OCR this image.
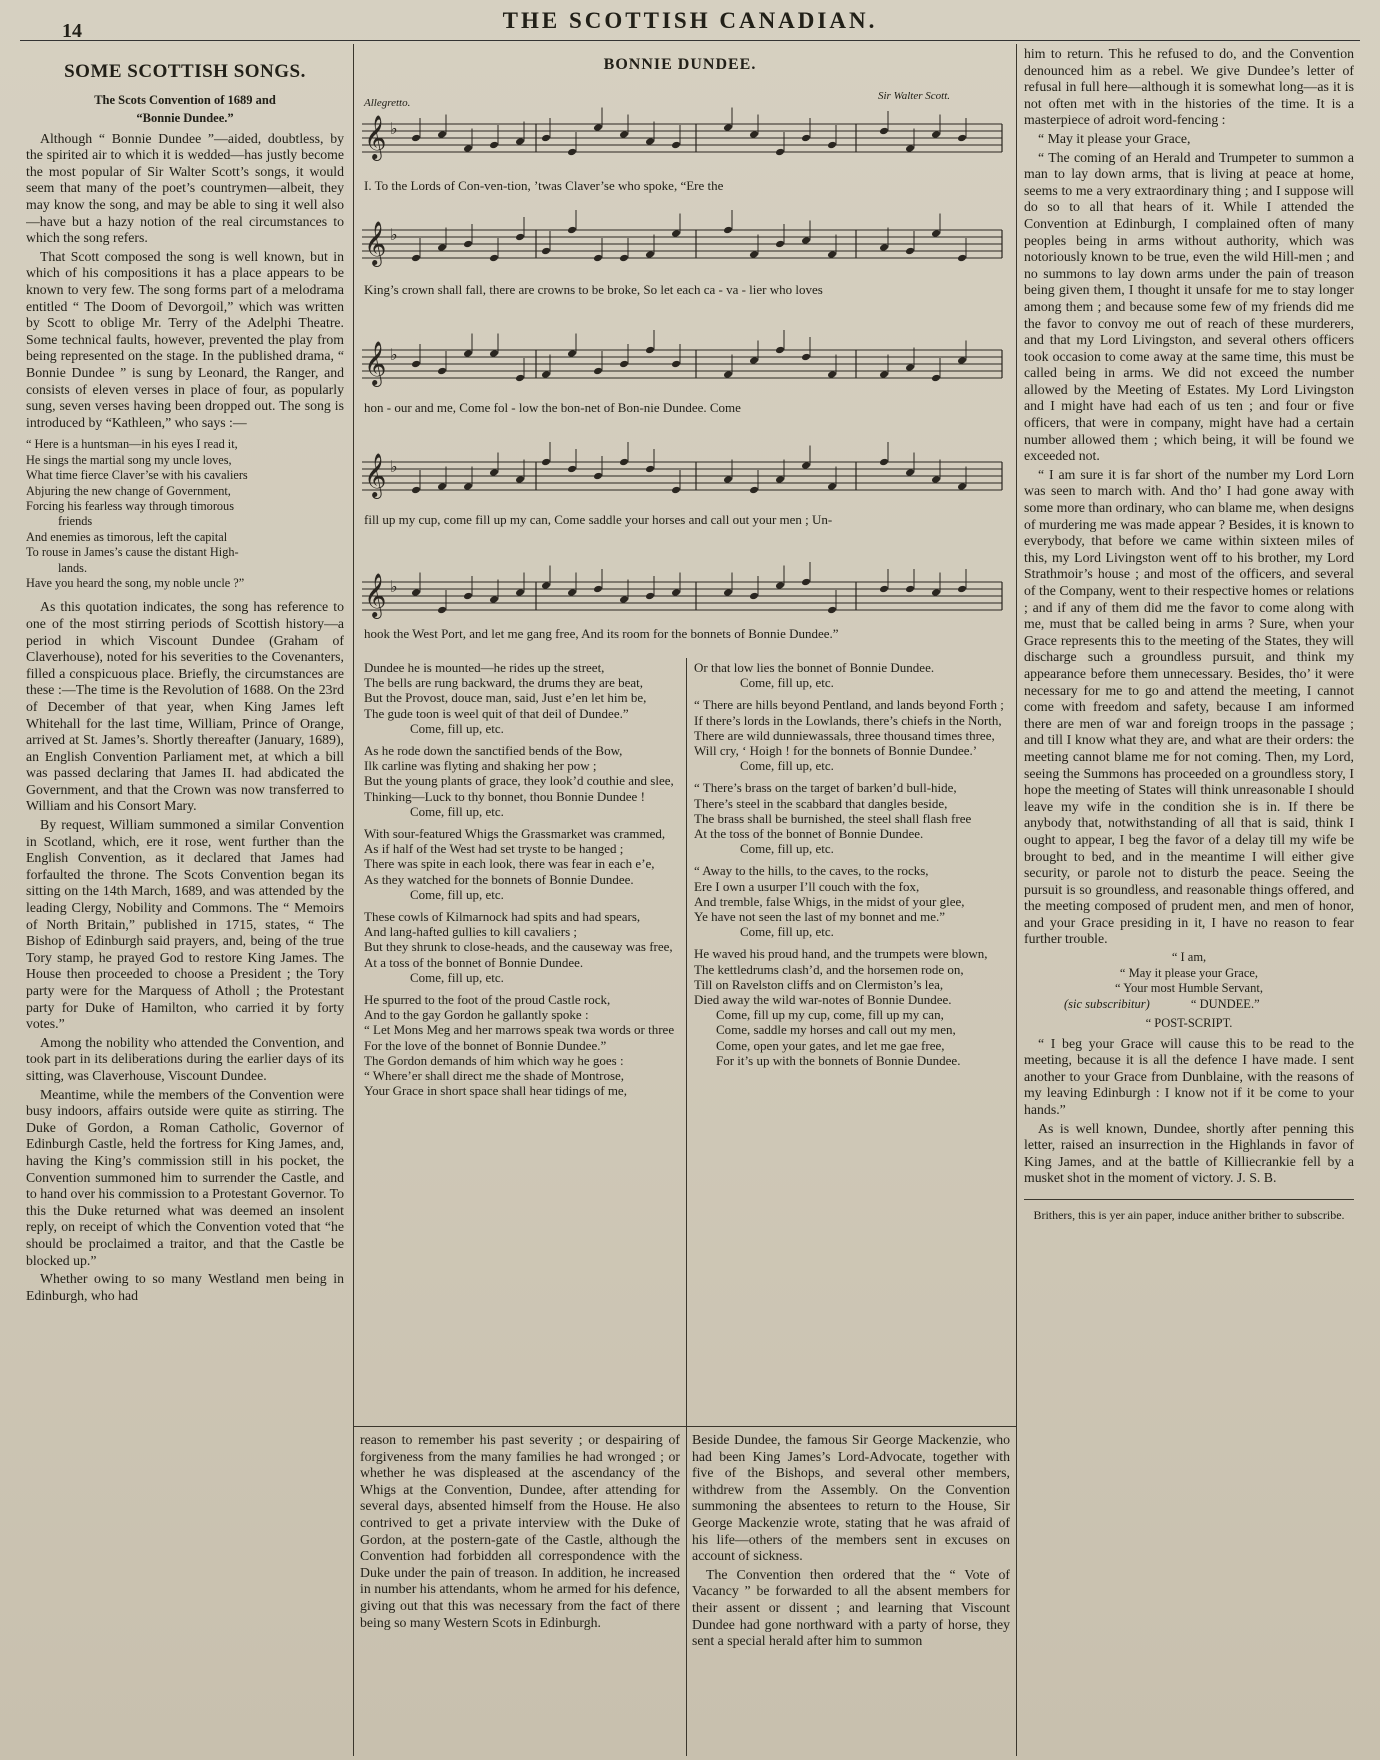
14	THE SCOTTISH CANADIAN.
SOME SCOTTISH SONGS.
The Scots Convention of 1689 and
“Bonnie Dundee.”

Although “ Bonnie Dundee ”—aided, doubtless, by the spirited air to which it is wedded—has justly become the most popular of Sir Walter Scott’s songs, it would seem that many of the poet’s countrymen—albeit, they may know the song, and may be able to sing it well also—have but a hazy notion of the real circumstances to which the song refers.

That Scott composed the song is well known, but in which of his compositions it has a place appears to be known to very few. The song forms part of a melodrama entitled “ The Doom of Devorgoil,” which was written by Scott to oblige Mr. Terry of the Adelphi Theatre. Some technical faults, however, prevented the play from being represented on the stage. In the published drama, “ Bonnie Dundee ” is sung by Leonard, the Ranger, and consists of eleven verses in place of four, as popularly sung, seven verses having been dropped out. The song is introduced by “Kathleen,” who says :—

“ Here is a huntsman—in his eyes I read it,
He sings the martial song my uncle loves,
What time fierce Claver’se with his cavaliers
Abjuring the new change of Government,
Forcing his fearless way through timorous
friends
And enemies as timorous, left the capital
To rouse in James’s cause the distant High-
lands.
Have you heard the song, my noble uncle ?”

As this quotation indicates, the song has reference to one of the most stirring periods of Scottish history—a period in which Viscount Dundee (Graham of Claverhouse), noted for his severities to the Covenanters, filled a conspicuous place. Briefly, the circumstances are these :—The time is the Revolution of 1688. On the 23rd of December of that year, when King James left Whitehall for the last time, William, Prince of Orange, arrived at St. James’s. Shortly thereafter (January, 1689), an English Convention Parliament met, at which a bill was passed declaring that James II. had abdicated the Government, and that the Crown was now transferred to William and his Consort Mary.

By request, William summoned a similar Convention in Scotland, which, ere it rose, went further than the English Convention, as it declared that James had forfaulted the throne. The Scots Convention began its sitting on the 14th March, 1689, and was attended by the leading Clergy, Nobility and Commons. The “ Memoirs of North Britain,” published in 1715, states, “ The Bishop of Edinburgh said prayers, and, being of the true Tory stamp, he prayed God to restore King James. The House then proceeded to choose a President ; the Tory party were for the Marquess of Atholl ; the Protestant party for Duke of Hamilton, who carried it by forty votes.”

Among the nobility who attended the Convention, and took part in its deliberations during the earlier days of its sitting, was Claverhouse, Viscount Dundee.

Meantime, while the members of the Convention were busy indoors, affairs outside were quite as stirring. The Duke of Gordon, a Roman Catholic, Governor of Edinburgh Castle, held the fortress for King James, and, having the King’s commission still in his pocket, the Convention summoned him to surrender the Castle, and to hand over his commission to a Protestant Governor. To this the Duke returned what was deemed an insolent reply, on receipt of which the Convention voted that “he should be proclaimed a traitor, and that the Castle be blocked up.”

Whether owing to so many Westland men being in Edinburgh, who had

BONNIE DUNDEE.
Allegretto.
Sir Walter Scott.
𝄞 ♭
I. To the Lords of Con-ven-tion, ’twas Claver’se who spoke, “Ere the
𝄞 ♭
King’s crown shall fall, there are crowns to be broke, So let each ca - va - lier who loves
𝄞 ♭
hon - our and me, Come fol - low the bon-net of Bon-nie Dundee. Come
𝄞 ♭
fill up my cup, come fill up my can, Come saddle your horses and call out your men ; Un-
𝄞 ♭
hook the West Port, and let me gang free, And its room for the bonnets of Bonnie Dundee.”
Dundee he is mounted—he rides up the street,
The bells are rung backward, the drums they are beat,
But the Provost, douce man, said, Just e’en let him be,
The gude toon is weel quit of that deil of Dundee.”
Come, fill up, etc.
As he rode down the sanctified bends of the Bow,
Ilk carline was flyting and shaking her pow ;
But the young plants of grace, they look’d couthie and slee,
Thinking—Luck to thy bonnet, thou Bonnie Dundee !
Come, fill up, etc.
With sour-featured Whigs the Grassmarket was crammed,
As if half of the West had set tryste to be hanged ;
There was spite in each look, there was fear in each e’e,
As they watched for the bonnets of Bonnie Dundee.
Come, fill up, etc.
These cowls of Kilmarnock had spits and had spears,
And lang-hafted gullies to kill cavaliers ;
But they shrunk to close-heads, and the causeway was free,
At a toss of the bonnet of Bonnie Dundee.
Come, fill up, etc.
He spurred to the foot of the proud Castle rock,
And to the gay Gordon he gallantly spoke :
“ Let Mons Meg and her marrows speak twa words or three
For the love of the bonnet of Bonnie Dundee.”
The Gordon demands of him which way he goes :
“ Where’er shall direct me the shade of Montrose,
Your Grace in short space shall hear tidings of me,
Or that low lies the bonnet of Bonnie Dundee.
Come, fill up, etc.
“ There are hills beyond Pentland, and lands beyond Forth ;
If there’s lords in the Lowlands, there’s chiefs in the North,
There are wild dunniewassals, three thousand times three,
Will cry, ‘ Hoigh ! for the bonnets of Bonnie Dundee.’
Come, fill up, etc.
“ There’s brass on the target of barken’d bull-hide,
There’s steel in the scabbard that dangles beside,
The brass shall be burnished, the steel shall flash free
At the toss of the bonnet of Bonnie Dundee.
Come, fill up, etc.
“ Away to the hills, to the caves, to the rocks,
Ere I own a usurper I’ll couch with the fox,
And tremble, false Whigs, in the midst of your glee,
Ye have not seen the last of my bonnet and me.”
Come, fill up, etc.
He waved his proud hand, and the trumpets were blown,
The kettledrums clash’d, and the horsemen rode on,
Till on Ravelston cliffs and on Clermiston’s lea,
Died away the wild war-notes of Bonnie Dundee.
Come, fill up my cup, come, fill up my can,
Come, saddle my horses and call out my men,
Come, open your gates, and let me gae free,
For it’s up with the bonnets of Bonnie Dundee.

reason to remember his past severity ; or despairing of forgiveness from the many families he had wronged ; or whether he was displeased at the ascendancy of the Whigs at the Convention, Dundee, after attending for several days, absented himself from the House. He also contrived to get a private interview with the Duke of Gordon, at the postern-gate of the Castle, although the Convention had forbidden all correspondence with the Duke under the pain of treason. In addition, he increased in number his attendants, whom he armed for his defence, giving out that this was necessary from the fact of there being so many Western Scots in Edinburgh.

Beside Dundee, the famous Sir George Mackenzie, who had been King James’s Lord-Advocate, together with five of the Bishops, and several other members, withdrew from the Assembly. On the Convention summoning the absentees to return to the House, Sir George Mackenzie wrote, stating that he was afraid of his life—others of the members sent in excuses on account of sickness.

The Convention then ordered that the “ Vote of Vacancy ” be forwarded to all the absent members for their assent or dissent ; and learning that Viscount Dundee had gone northward with a party of horse, they sent a special herald after him to summon

him to return. This he refused to do, and the Convention denounced him as a rebel. We give Dundee’s letter of refusal in full here—although it is somewhat long—as it is not often met with in the histories of the time. It is a masterpiece of adroit word-fencing :

“ May it please your Grace,

“ The coming of an Herald and Trumpeter to summon a man to lay down arms, that is living at peace at home, seems to me a very extraordinary thing ; and I suppose will do so to all that hears of it. While I attended the Convention at Edinburgh, I complained often of many peoples being in arms without authority, which was notoriously known to be true, even the wild Hill-men ; and no summons to lay down arms under the pain of treason being given them, I thought it unsafe for me to stay longer among them ; and because some few of my friends did me the favor to convoy me out of reach of these murderers, and that my Lord Livingston, and several others officers took occasion to come away at the same time, this must be called being in arms. We did not exceed the number allowed by the Meeting of Estates. My Lord Livingston and I might have had each of us ten ; and four or five officers, that were in company, might have had a certain number allowed them ; which being, it will be found we exceeded not.

“ I am sure it is far short of the number my Lord Lorn was seen to march with. And tho’ I had gone away with some more than ordinary, who can blame me, when designs of murdering me was made appear ? Besides, it is known to everybody, that before we came within sixteen miles of this, my Lord Livingston went off to his brother, my Lord Strathmoir’s house ; and most of the officers, and several of the Company, went to their respective homes or relations ; and if any of them did me the favor to come along with me, must that be called being in arms ? Sure, when your Grace represents this to the meeting of the States, they will discharge such a groundless pursuit, and think my appearance before them unnecessary. Besides, tho’ it were necessary for me to go and attend the meeting, I cannot come with freedom and safety, because I am informed there are men of war and foreign troops in the passage ; and till I know what they are, and what are their orders: the meeting cannot blame me for not coming. Then, my Lord, seeing the Summons has proceeded on a groundless story, I hope the meeting of States will think unreasonable I should leave my wife in the condition she is in. If there be anybody that, notwithstanding of all that is said, think I ought to appear, I beg the favor of a delay till my wife be brought to bed, and in the meantime I will either give security, or parole not to disturb the peace. Seeing the pursuit is so groundless, and reasonable things offered, and the meeting composed of prudent men, and men of honor, and your Grace presiding in it, I have no reason to fear further trouble.

“ I am,
“ May it please your Grace,
“ Your most Humble Servant,
(sic subscribitur)	“ DUNDEE.”
“ POST-SCRIPT.

“ I beg your Grace will cause this to be read to the meeting, because it is all the defence I have made. I sent another to your Grace from Dunblaine, with the reasons of my leaving Edinburgh : I know not if it be come to your hands.”

As is well known, Dundee, shortly after penning this letter, raised an insurrection in the Highlands in favor of King James, and at the battle of Killiecrankie fell by a musket shot in the moment of victory. J. S. B.

Brithers, this is yer ain paper, induce anither brither to subscribe.
